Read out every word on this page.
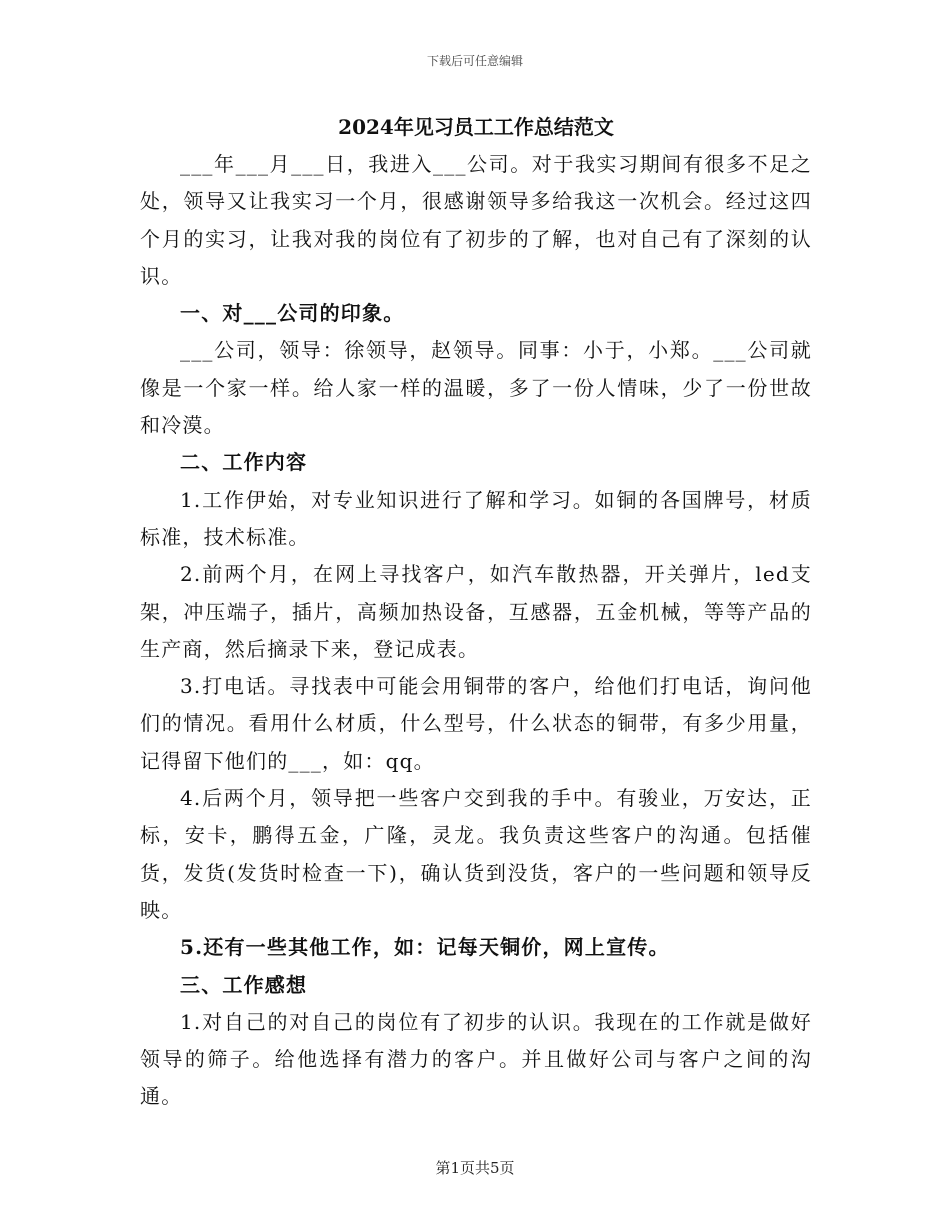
下载后可任意编辑
2024年见习员工工作总结范文

___年___月___日，我进入___公司。对于我实习期间有很多不足之处，领导又让我实习一个月，很感谢领导多给我这一次机会。经过这四个月的实习，让我对我的岗位有了初步的了解，也对自己有了深刻的认识。

一、对___公司的印象。

___公司，领导：徐领导，赵领导。同事：小于，小郑。___公司就像是一个家一样。给人家一样的温暖，多了一份人情味，少了一份世故和冷漠。

二、工作内容

1.工作伊始，对专业知识进行了解和学习。如铜的各国牌号，材质标准，技术标准。

2.前两个月，在网上寻找客户，如汽车散热器，开关弹片，led支架，冲压端子，插片，高频加热设备，互感器，五金机械，等等产品的生产商，然后摘录下来，登记成表。

3.打电话。寻找表中可能会用铜带的客户，给他们打电话，询问他们的情况。看用什么材质，什么型号，什么状态的铜带，有多少用量，记得留下他们的___，如：qq。

4.后两个月，领导把一些客户交到我的手中。有骏业，万安达，正标，安卡，鹏得五金，广隆，灵龙。我负责这些客户的沟通。包括催货，发货(发货时检查一下)，确认货到没货，客户的一些问题和领导反映。

5.还有一些其他工作，如：记每天铜价，网上宣传。

三、工作感想

1.对自己的对自己的岗位有了初步的认识。我现在的工作就是做好领导的筛子。给他选择有潜力的客户。并且做好公司与客户之间的沟通。

第1页共5页
